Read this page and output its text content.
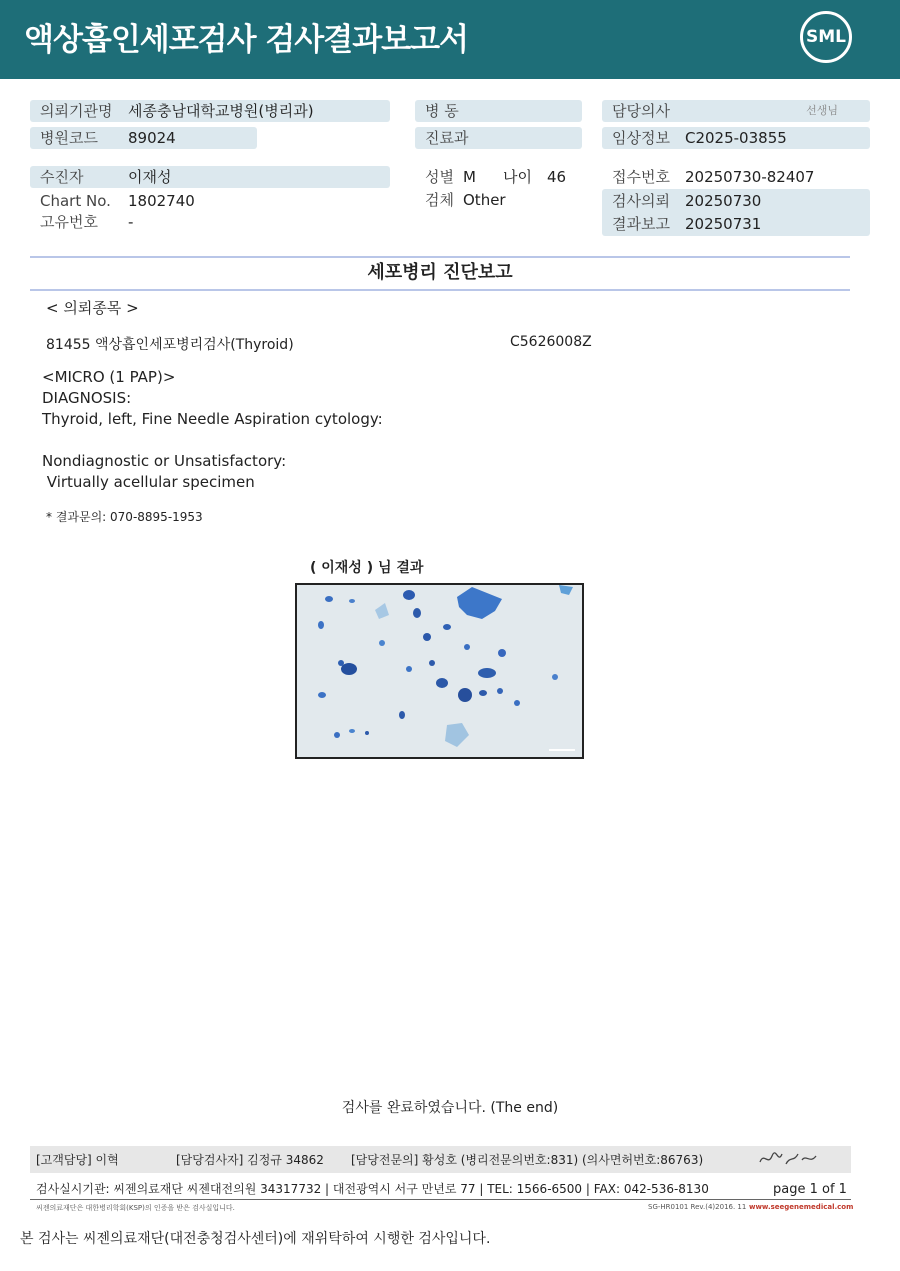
액상흡인세포검사 검사결과보고서	SML
의뢰기관명 세종충남대학교병원(병리과)
병원코드 89024
수진자	이재성
Chart No. 1802740
고유번호 -
병 동
진료과
성별 M 나이 46
검체 Other
담당의사	선생님
임상정보 C2025-03855
접수번호 20250730-82407
검사의뢰 20250730
결과보고 20250731
세포병리 진단보고
< 의뢰종목 >
81455 액상흡인세포병리검사(Thyroid)	C5626008Z
<MICRO (1 PAP)>
DIAGNOSIS:
Thyroid, left, Fine Needle Aspiration cytology:
Nondiagnostic or Unsatisfactory:
Virtually acellular specimen
* 결과문의: 070-8895-1953
( 이재성 ) 님 결과
검사를 완료하였습니다. (The end)
[고객담당] 이혁	[담당검사자] 김정규 34862 [담당전문의] 황성호 (병리전문의번호:831) (의사면허번호:86763)
검사실시기관: 씨젠의료재단 씨젠대전의원 34317732 | 대전광역시 서구 만년로 77 | TEL: 1566-6500 | FAX: 042-536-8130	page 1 of 1
씨젠의료재단은 대한병리학회(KSP)의 인증을 받은 검사실입니다.	SG-HR0101 Rev.(4)2016. 11 www.seegenemedical.com
본 검사는 씨젠의료재단(대전충청검사센터)에 재위탁하여 시행한 검사입니다.
